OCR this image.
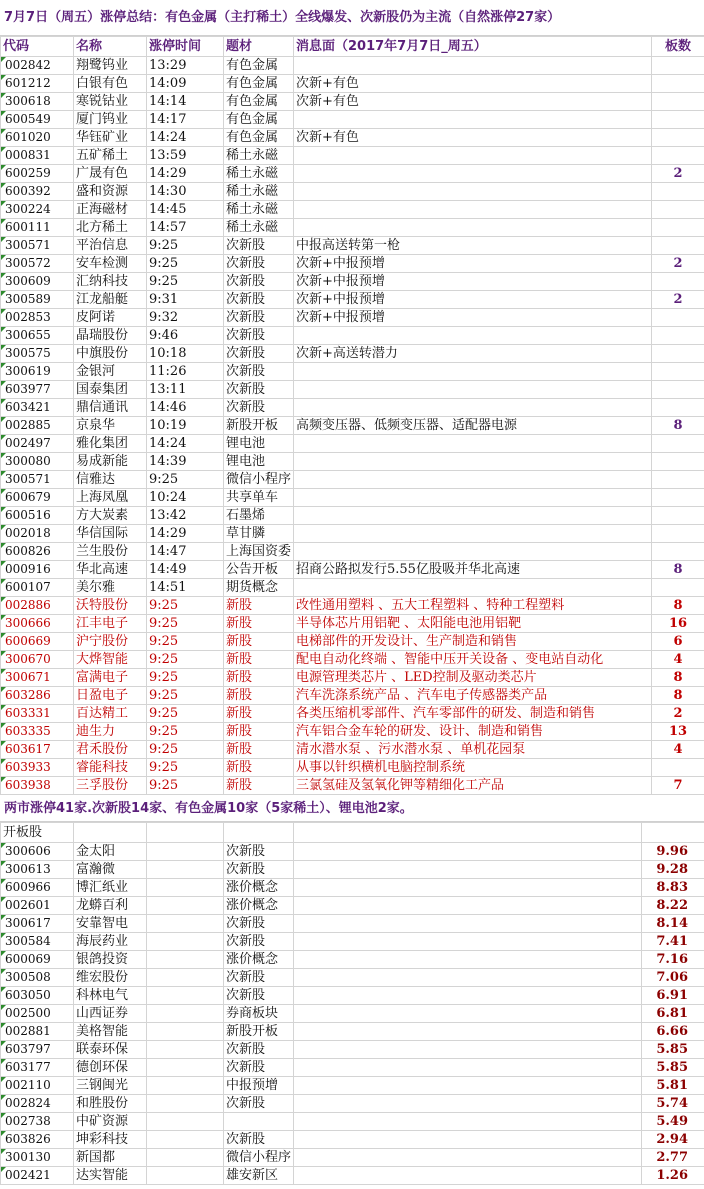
7月7日（周五）涨停总结：有色金属（主打稀土）全线爆发、次新股仍为主流（自然涨停27家）
代码	名称	涨停时间	题材	消息面（2017年7月7日_周五）	板数
002842	翔鹭钨业	13:29	有色金属		
601212	白银有色	14:09	有色金属	次新+有色	
300618	寒锐钴业	14:14	有色金属	次新+有色	
600549	厦门钨业	14:17	有色金属		
601020	华钰矿业	14:24	有色金属	次新+有色	
000831	五矿稀土	13:59	稀土永磁		
600259	广晟有色	14:29	稀土永磁		2
600392	盛和资源	14:30	稀土永磁		
300224	正海磁材	14:45	稀土永磁		
600111	北方稀土	14:57	稀土永磁		
300571	平治信息	9:25	次新股	中报高送转第一枪	
300572	安车检测	9:25	次新股	次新+中报预增	2
300609	汇纳科技	9:25	次新股	次新+中报预增	
300589	江龙船艇	9:31	次新股	次新+中报预增	2
002853	皮阿诺	9:32	次新股	次新+中报预增	
300655	晶瑞股份	9:46	次新股		
300575	中旗股份	10:18	次新股	次新+高送转潜力	
300619	金银河	11:26	次新股		
603977	国泰集团	13:11	次新股		
603421	鼎信通讯	14:46	次新股		
002885	京泉华	10:19	新股开板	高频变压器、低频变压器、适配器电源	8
002497	雅化集团	14:24	锂电池		
300080	易成新能	14:39	锂电池		
300571	信雅达	9:25	微信小程序		
600679	上海凤凰	10:24	共享单车		
600516	方大炭素	13:42	石墨烯		
002018	华信国际	14:29	草甘膦		
600826	兰生股份	14:47	上海国资委		
000916	华北高速	14:49	公告开板	招商公路拟发行5.55亿股吸并华北高速	8
600107	美尔雅	14:51	期货概念		
002886	沃特股份	9:25	新股	改性通用塑料 、五大工程塑料 、特种工程塑料	8
300666	江丰电子	9:25	新股	半导体芯片用铝靶 、太阳能电池用铝靶	16
600669	沪宁股份	9:25	新股	电梯部件的开发设计、生产制造和销售	6
300670	大烨智能	9:25	新股	配电自动化终端 、智能中压开关设备 、变电站自动化	4
300671	富满电子	9:25	新股	电源管理类芯片 、LED控制及驱动类芯片	8
603286	日盈电子	9:25	新股	汽车洗涤系统产品 、汽车电子传感器类产品	8
603331	百达精工	9:25	新股	各类压缩机零部件、汽车零部件的研发、制造和销售	2
603335	迪生力	9:25	新股	汽车铝合金车轮的研发、设计、制造和销售	13
603617	君禾股份	9:25	新股	清水潜水泵 、污水潜水泵 、单机花园泵	4
603933	睿能科技	9:25	新股	从事以针织横机电脑控制系统	
603938	三孚股份	9:25	新股	三氯氢硅及氢氧化钾等精细化工产品	7
两市涨停41家.次新股14家、有色金属10家（5家稀土）、锂电池2家。
开板股					
300606	金太阳		次新股		9.96
300613	富瀚微		次新股		9.28
600966	博汇纸业		涨价概念		8.83
002601	龙蟒百利		涨价概念		8.22
300617	安靠智电		次新股		8.14
300584	海辰药业		次新股		7.41
600069	银鸽投资		涨价概念		7.16
300508	维宏股份		次新股		7.06
603050	科林电气		次新股		6.91
002500	山西证券		券商板块		6.81
002881	美格智能		新股开板		6.66
603797	联泰环保		次新股		5.85
603177	德创环保		次新股		5.85
002110	三钢闽光		中报预增		5.81
002824	和胜股份		次新股		5.74
002738	中矿资源				5.49
603826	坤彩科技		次新股		2.94
300130	新国都		微信小程序		2.77
002421	达实智能		雄安新区		1.26
